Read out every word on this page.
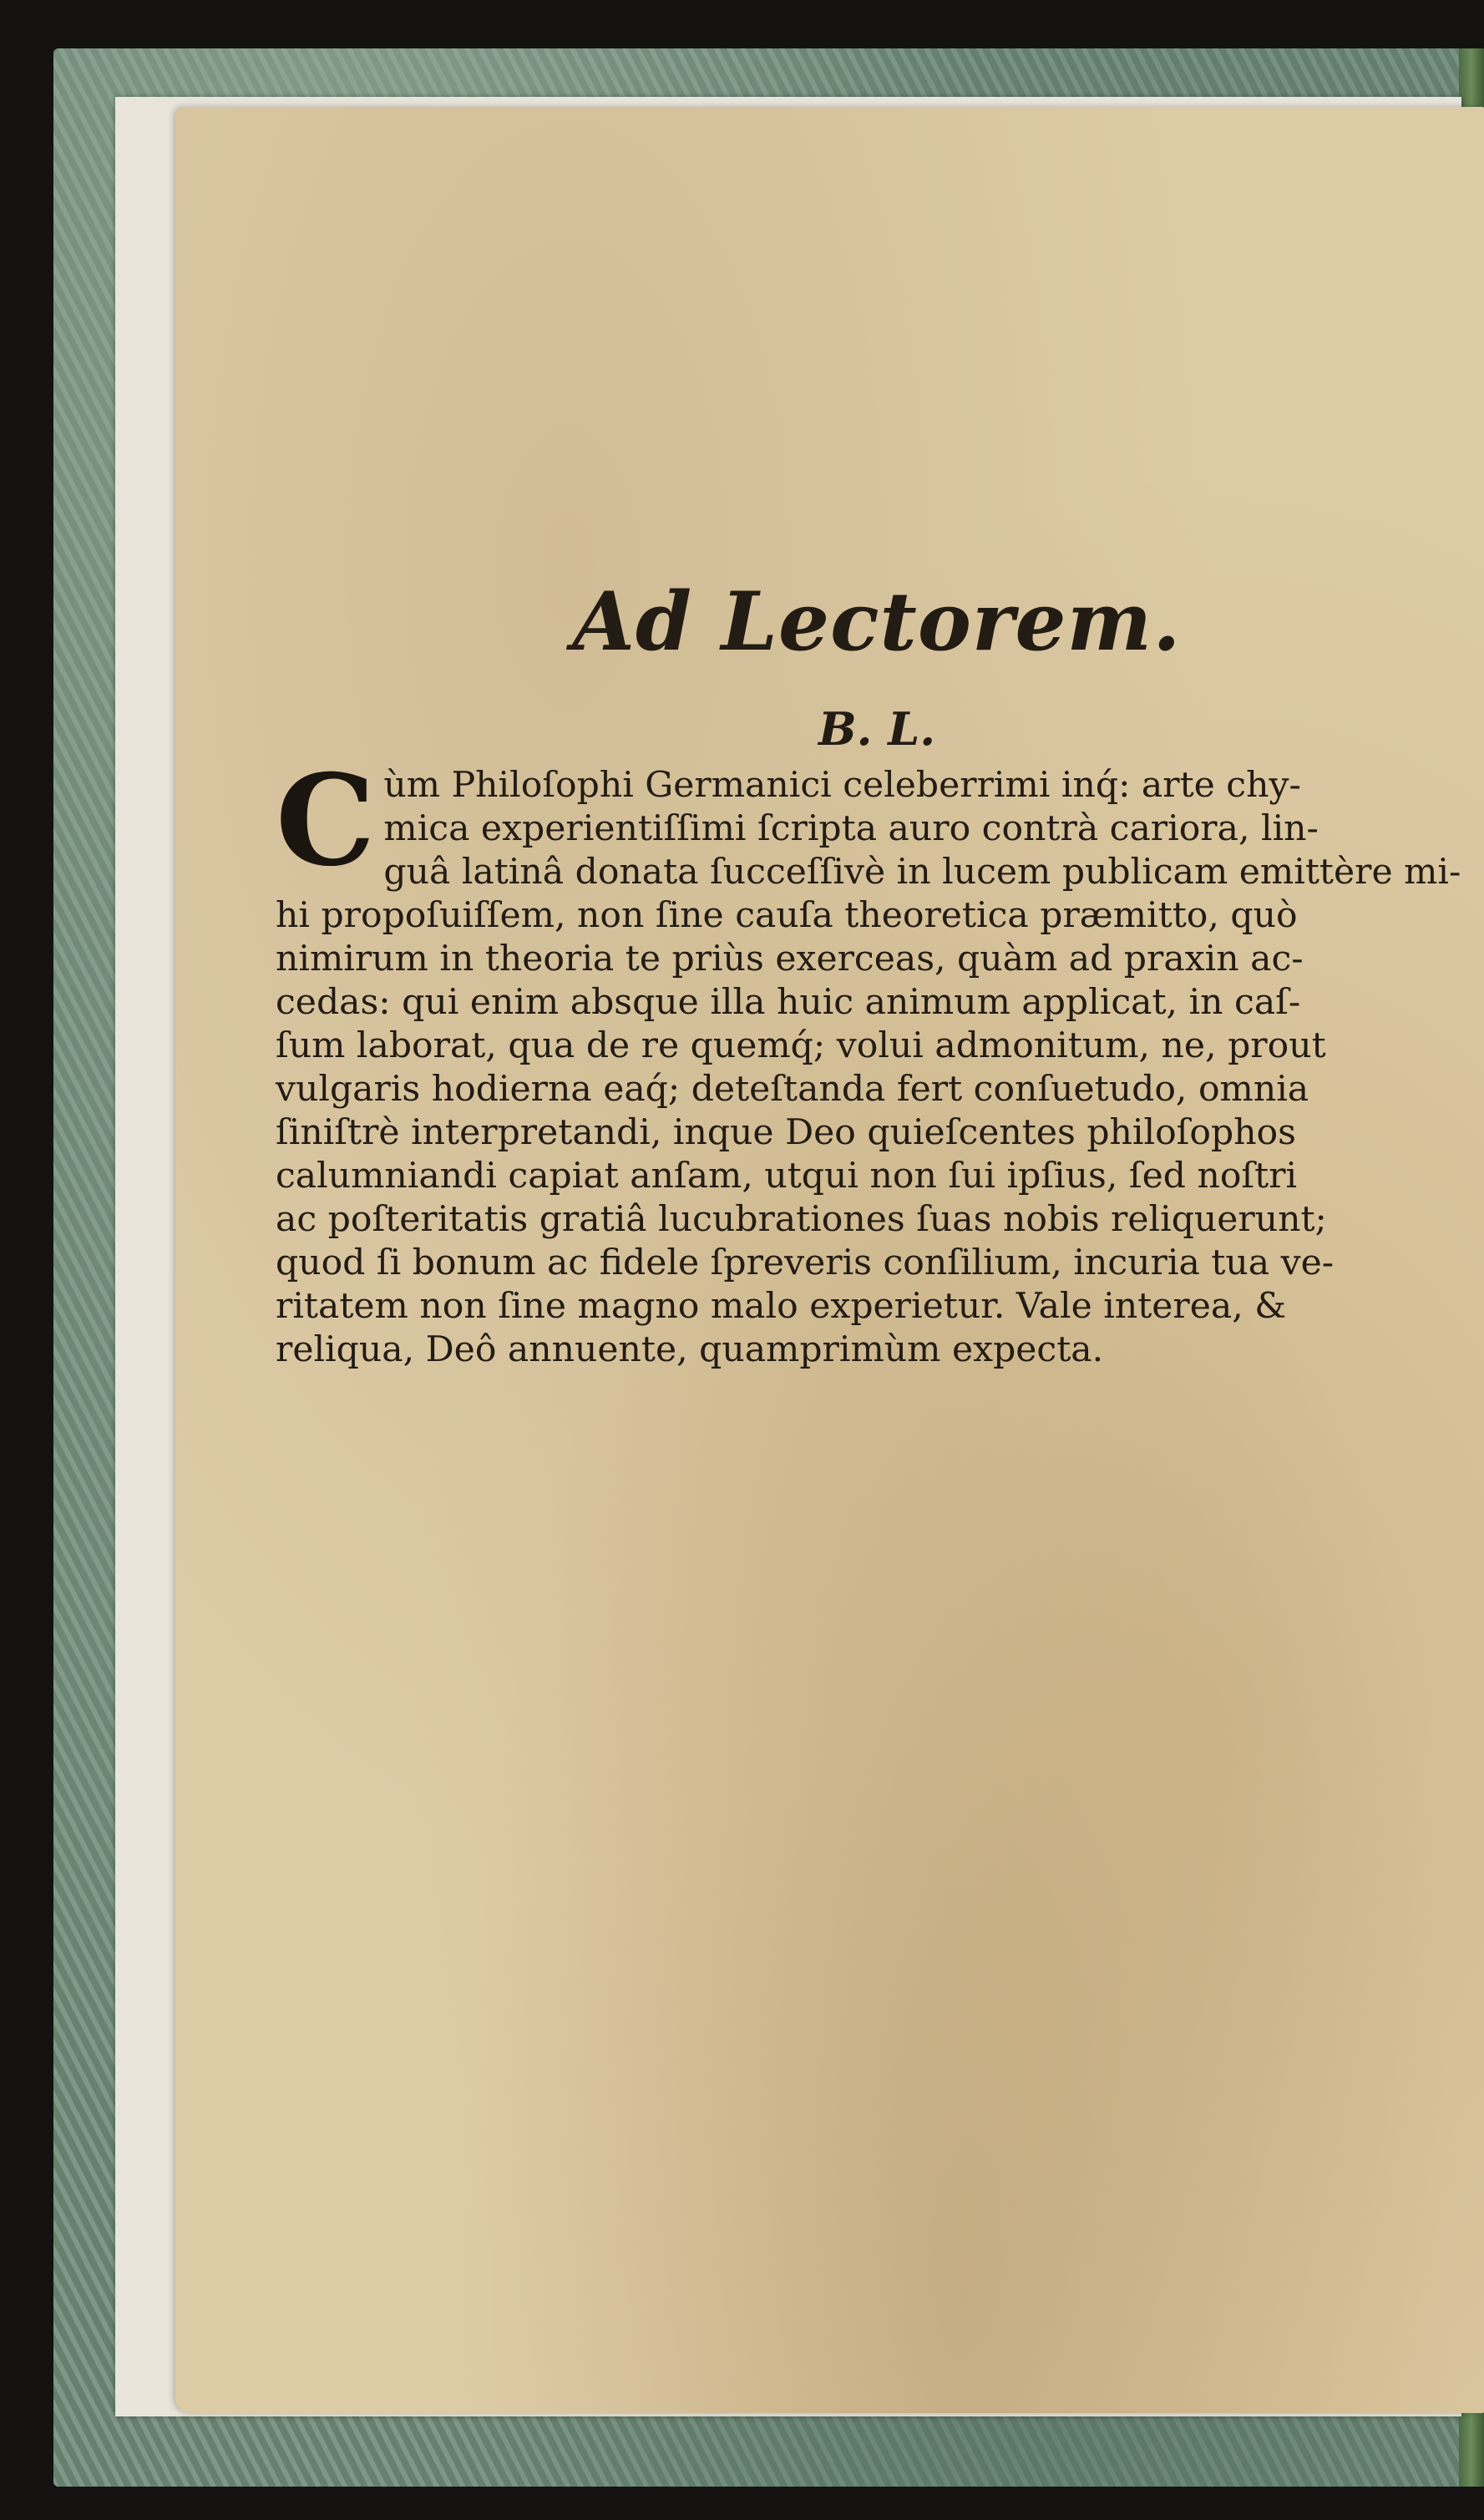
Ad Lectorem.
B. L.

C ùm Philoſophi Germanici celeberrimi inq́: arte chy-
mica experientiſſimi ſcripta auro contrà cariora, lin-
guâ latinâ donata ſucceſſivè in lucem publicam emittère mi-
hi propoſuiſſem, non ſine cauſa theoretica præmitto, quò
nimirum in theoria te priùs exerceas, quàm ad praxin ac-
cedas: qui enim absque illa huic animum applicat, in caſ-
ſum laborat, qua de re quemq́; volui admonitum, ne, prout
vulgaris hodierna eaq́; deteſtanda fert conſuetudo, omnia
ſiniſtrè interpretandi, inque Deo quieſcentes philoſophos
calumniandi capiat anſam, utqui non ſui ipſius, ſed noſtri
ac poſteritatis gratiâ lucubrationes ſuas nobis reliquerunt;
quod ſi bonum ac fidele ſpreveris conſilium, incuria tua ve-
ritatem non ſine magno malo experietur. Vale interea, &
reliqua, Deô annuente, quamprimùm expecta.
